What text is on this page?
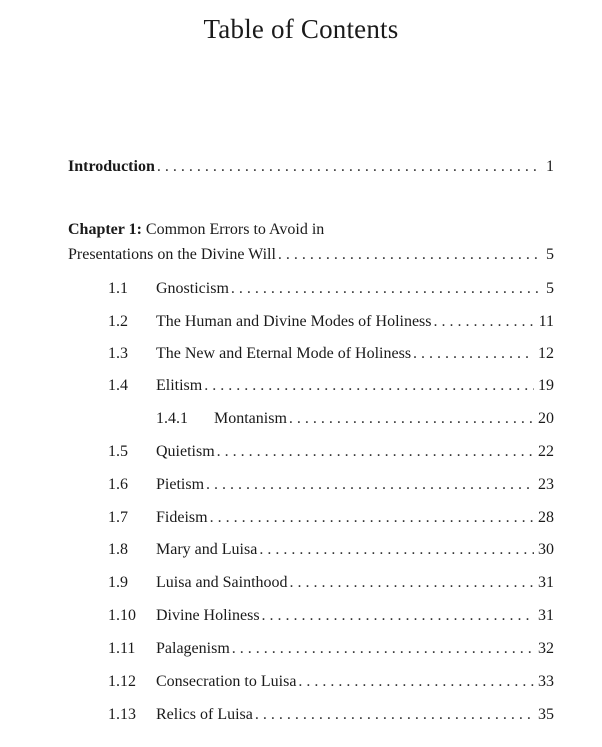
Table of Contents
Introduction . . .	1
Chapter 1: Common Errors to Avoid in
Presentations on the Divine Will . . .	5
1.1	Gnosticism . . .	5
1.2	The Human and Divine Modes of Holiness . . .	11
1.3	The New and Eternal Mode of Holiness . . .	12
1.4	Elitism . . .	19
1.4.1	Montanism . . .	20
1.5	Quietism . . .	22
1.6	Pietism . . .	23
1.7	Fideism . . .	28
1.8	Mary and Luisa . . .	30
1.9	Luisa and Sainthood . . .	31
1.10	Divine Holiness . . .	31
1.11	Palagenism . . .	32
1.12	Consecration to Luisa . . .	33
1.13	Relics of Luisa . . .	35
